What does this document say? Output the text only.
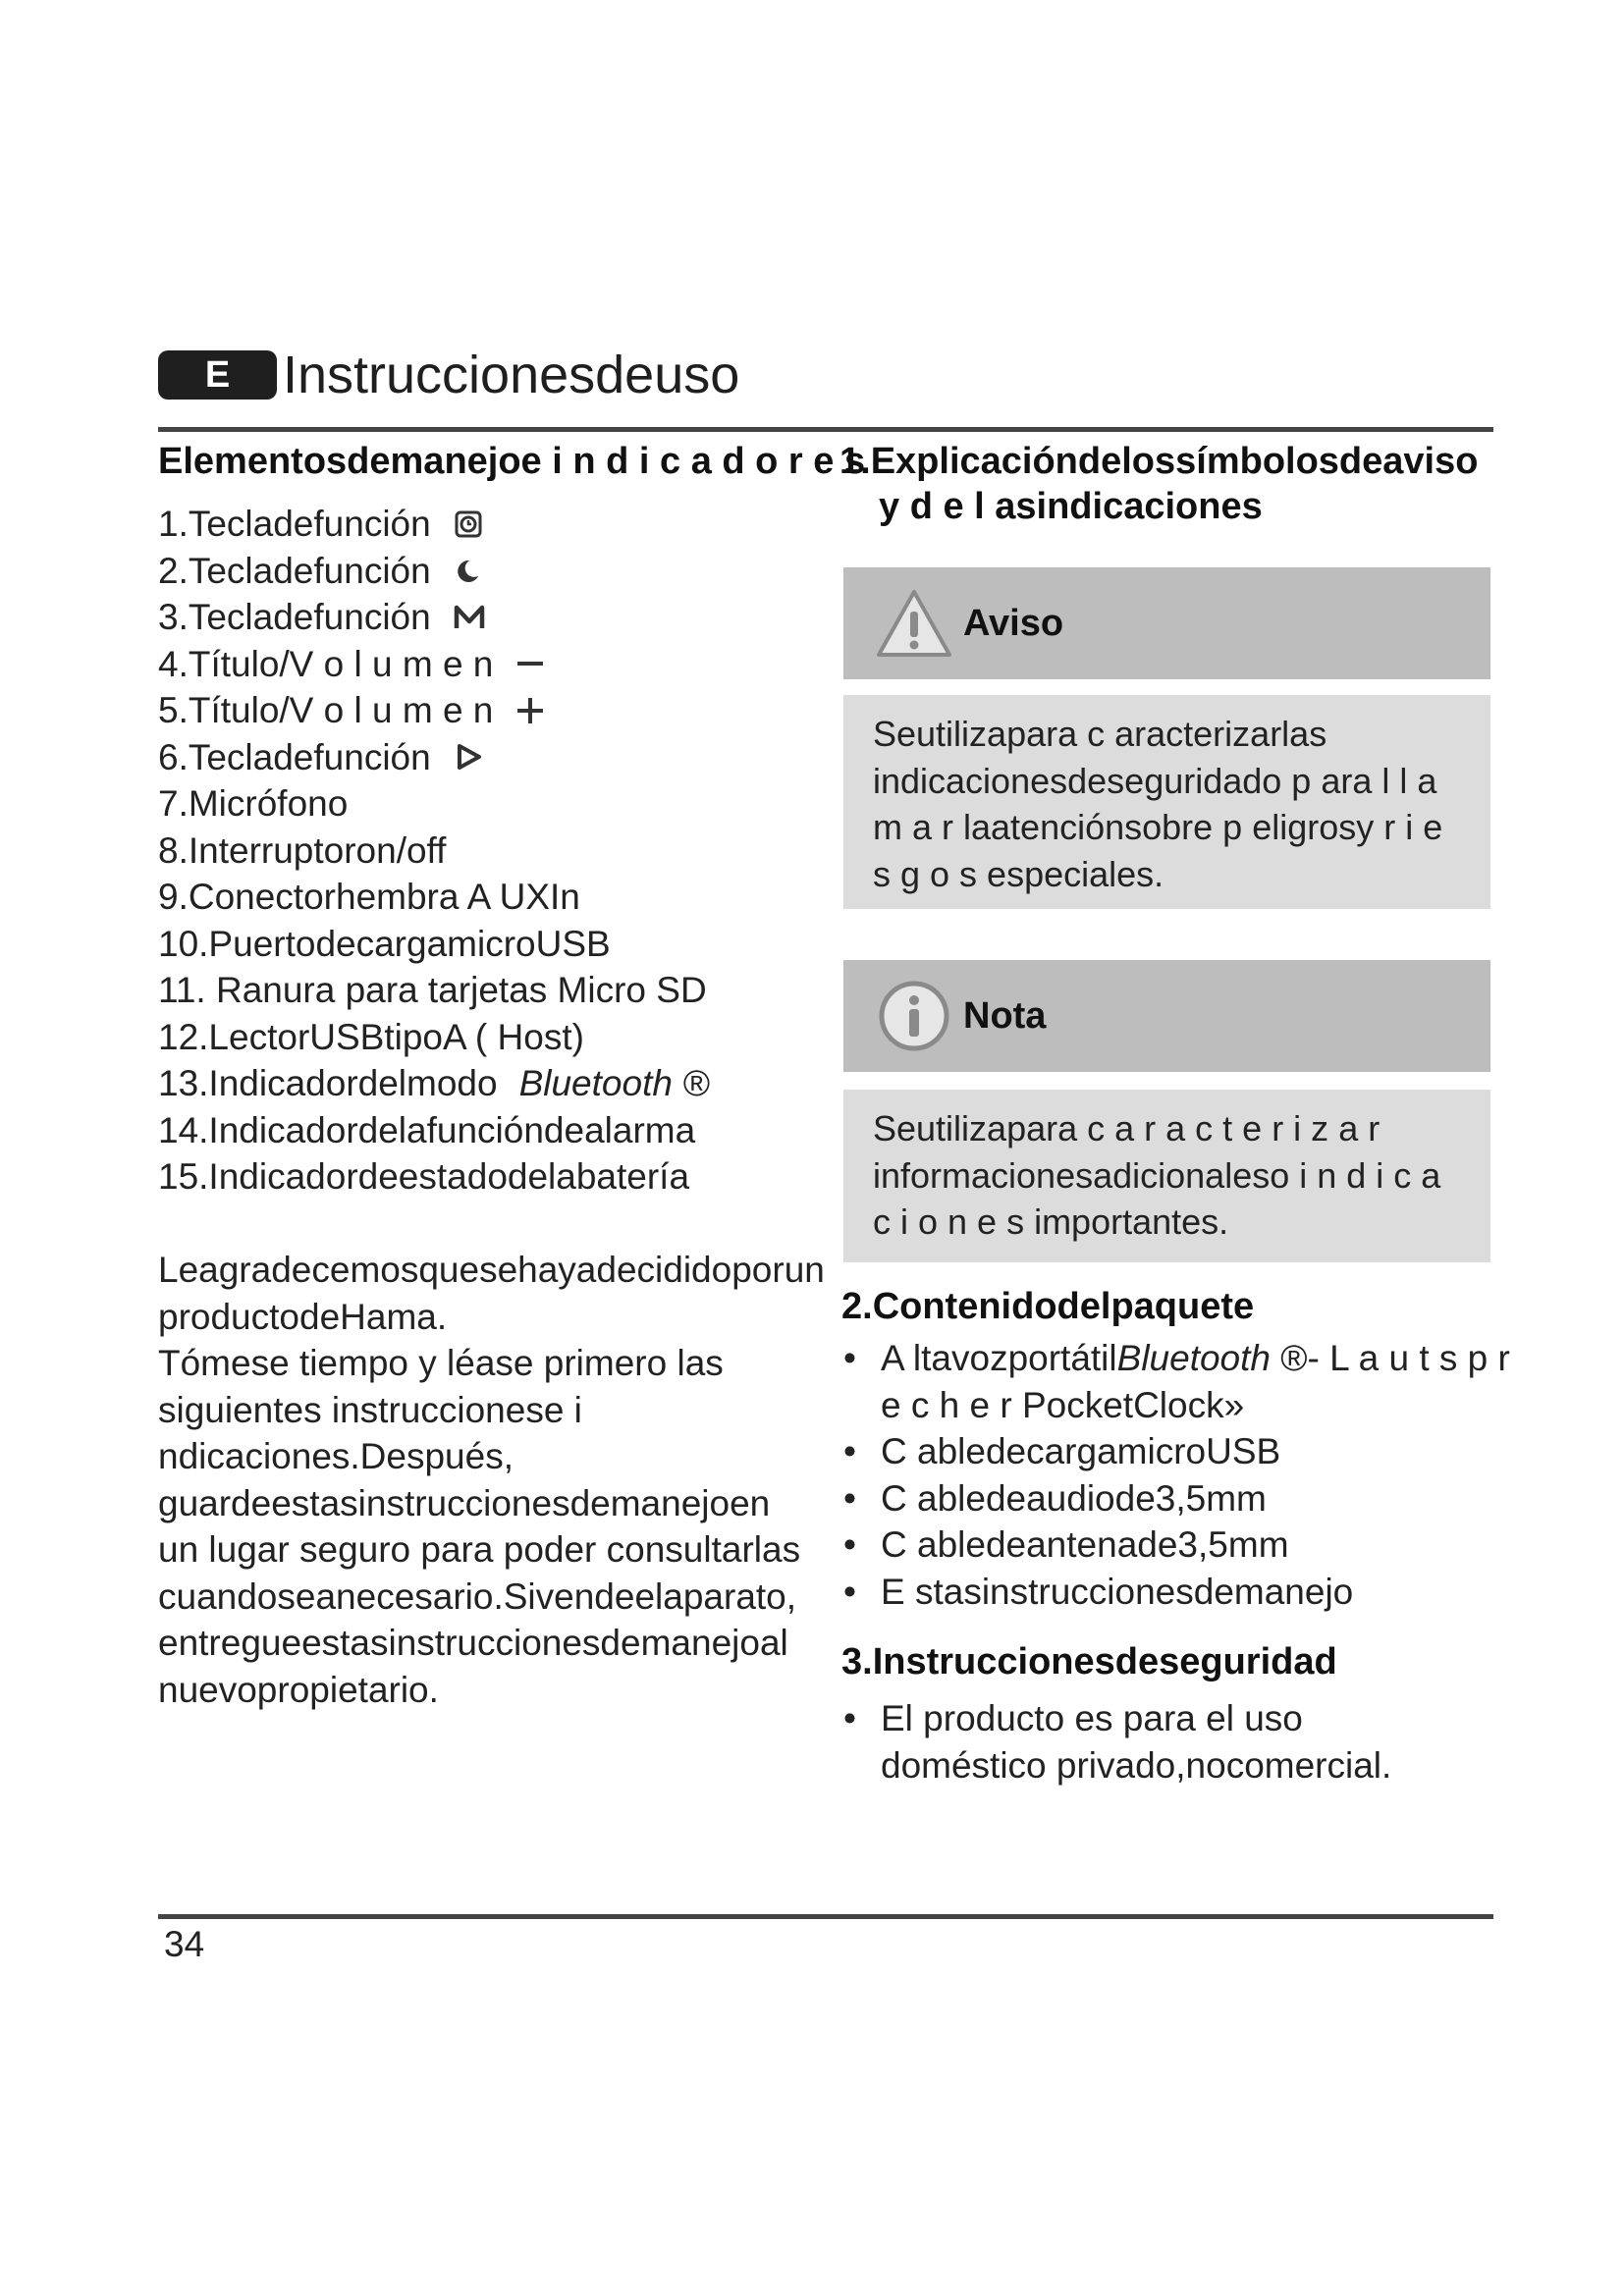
E Instruccionesdeuso
Elementosdemanejoe i n d i c a d o r e s
1.Tecladefunción
2.Tecladefunción
3.Tecladefunción
4.Título/V o l u m e n
5.Título/V o l u m e n
6.Tecladefunción
7.Micrófono
8.Interruptoron/off
9.Conectorhembra A UXIn
10.PuertodecargamicroUSB
11. Ranura para tarjetas Micro SD
12.LectorUSBtipoA ( Host)
13.Indicadordelmodo Bluetooth ®
14.Indicadordelafuncióndealarma
15.Indicadordeestadodelabatería

Leagradecemosquesehayadecididoporun productodeHama.

Tómese tiempo y léase primero las siguientes instruccionese i ndicaciones.Después, guardeestasinstruccionesdemanejoen un lugar seguro para poder consultarlas cuandoseanecesario.Sivendeelaparato, entregueestasinstruccionesdemanejoal nuevopropietario.

1.Explicacióndelossímbolosdeaviso
y d e l asindicaciones
Aviso
Seutilizapara c aracterizarlas indicacionesdeseguridado p ara l l a m a r laatenciónsobre p eligrosy r i e s g o s especiales.
Nota
Seutilizapara c a r a c t e r i z a r informacionesadicionaleso i n d i c a c i o n e s importantes.
2.Contenidodelpaquete
• A ltavozportátilBluetooth ®- L a u t s p r e c h e r PocketClock»
• C abledecargamicroUSB
• C abledeaudiode3,5mm
• C abledeantenade3,5mm
• E stasinstruccionesdemanejo
3.Instruccionesdeseguridad
• El producto es para el uso doméstico privado,nocomercial.
34
